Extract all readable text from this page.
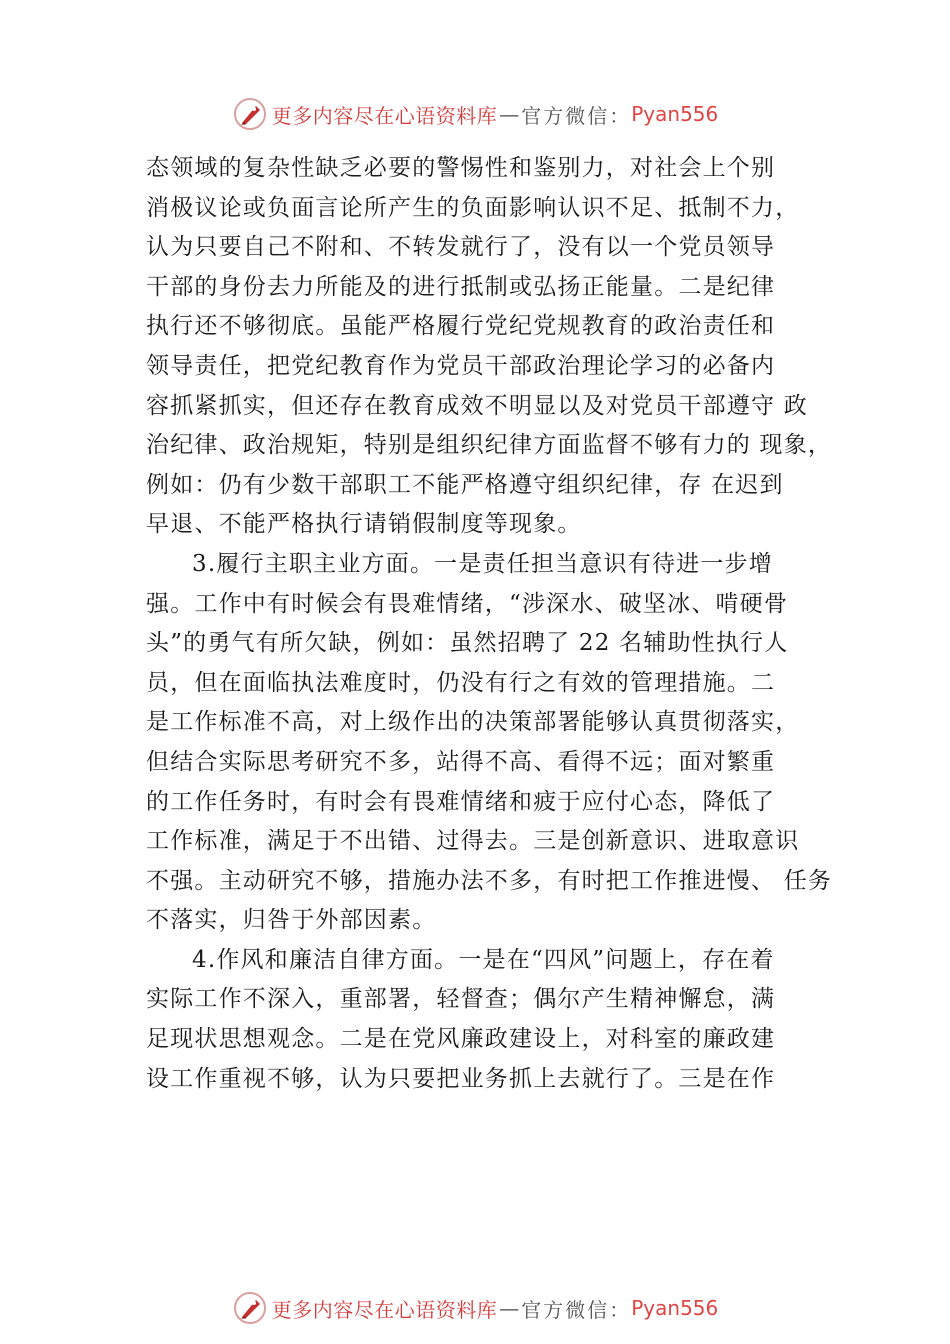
更多内容尽在心语资料库 — 官方微信： Pyan556
态领域的复杂性缺乏必要的警惕性和鉴别力，对社会上个别
消极议论或负面言论所产生的负面影响认识不足、抵制不力，
认为只要自己不附和、不转发就行了，没有以一个党员领导
干部的身份去力所能及的进行抵制或弘扬正能量。二是纪律
执行还不够彻底。虽能严格履行党纪党规教育的政治责任和
领导责任，把党纪教育作为党员干部政治理论学习的必备内
容抓紧抓实，但还存在教育成效不明显以及对党员干部遵守 政
治纪律、政治规矩，特别是组织纪律方面监督不够有力的 现象，
例如：仍有少数干部职工不能严格遵守组织纪律，存 在迟到
早退、不能严格执行请销假制度等现象。
3.履行主职主业方面。一是责任担当意识有待进一步增
强。工作中有时候会有畏难情绪，“涉深水、破坚冰、啃硬骨
头”的勇气有所欠缺，例如：虽然招聘了 22 名辅助性执行人
员，但在面临执法难度时，仍没有行之有效的管理措施。二
是工作标准不高，对上级作出的决策部署能够认真贯彻落实，
但结合实际思考研究不多，站得不高、看得不远；面对繁重
的工作任务时，有时会有畏难情绪和疲于应付心态，降低了
工作标准，满足于不出错、过得去。三是创新意识、进取意识
不强。主动研究不够，措施办法不多，有时把工作推进慢、 任务
不落实，归咎于外部因素。
4.作风和廉洁自律方面。一是在“四风”问题上，存在着
实际工作不深入，重部署，轻督查；偶尔产生精神懈怠，满
足现状思想观念。二是在党风廉政建设上，对科室的廉政建
设工作重视不够，认为只要把业务抓上去就行了。三是在作
更多内容尽在心语资料库 — 官方微信： Pyan556
